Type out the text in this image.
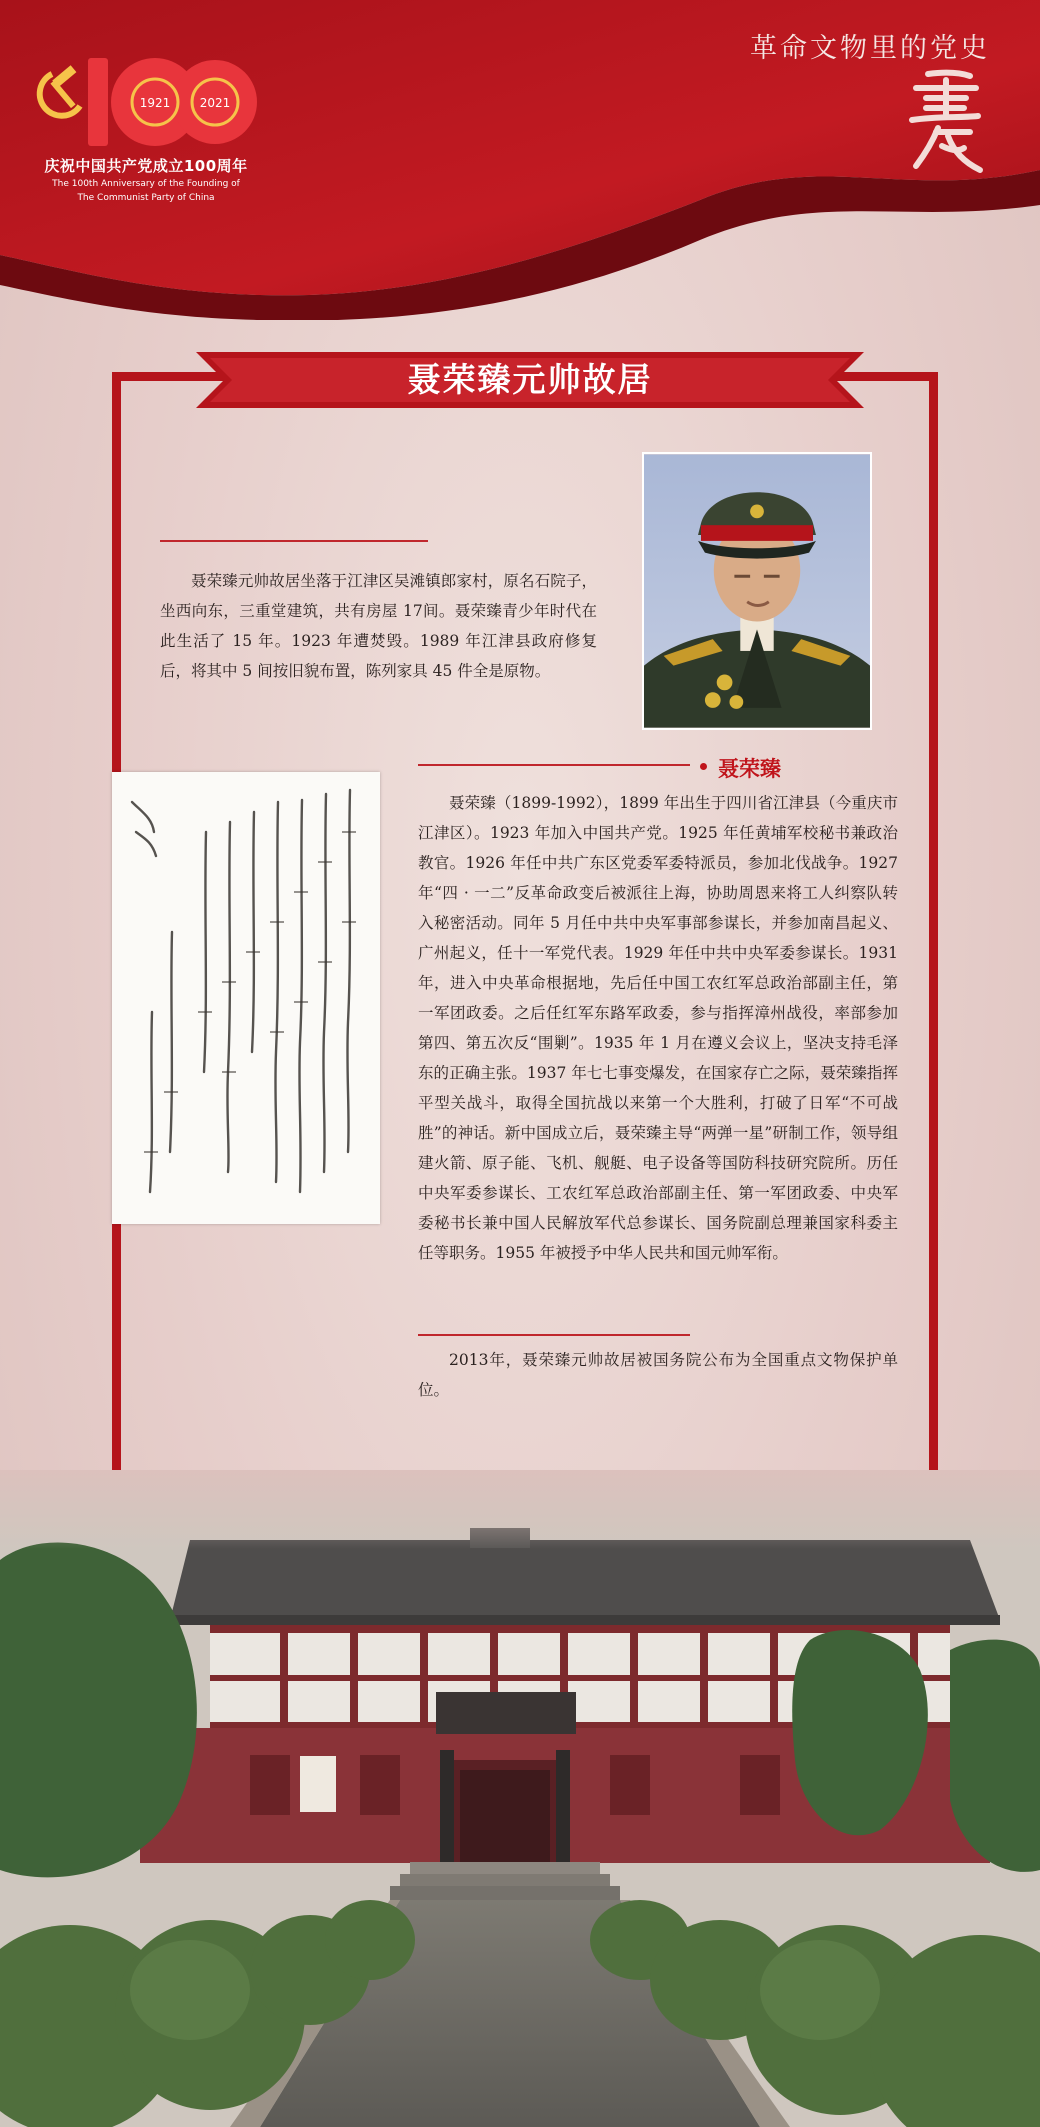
1921 2021
庆祝中国共产党成立100周年
The 100th Anniversary of the Founding of
The Communist Party of China
革命文物里的党史
聂荣臻元帅故居

聂荣臻元帅故居坐落于江津区吴滩镇郎家村，原名石院子，坐西向东，三重堂建筑，共有房屋 17间。聂荣臻青少年时代在此生活了 15 年。1923 年遭焚毁。1989 年江津县政府修复后，将其中 5 间按旧貌布置，陈列家具 45 件全是原物。

聂荣臻

聂荣臻（1899-1992），1899 年出生于四川省江津县（今重庆市江津区）。1923 年加入中国共产党。1925 年任黄埔军校秘书兼政治教官。1926 年任中共广东区党委军委特派员，参加北伐战争。1927 年“四 · 一二”反革命政变后被派往上海，协助周恩来将工人纠察队转入秘密活动。同年 5 月任中共中央军事部参谋长，并参加南昌起义、广州起义，任十一军党代表。1929 年任中共中央军委参谋长。1931 年，进入中央革命根据地，先后任中国工农红军总政治部副主任，第一军团政委。之后任红军东路军政委，参与指挥漳州战役，率部参加第四、第五次反“围剿”。1935 年 1 月在遵义会议上，坚决支持毛泽东的正确主张。1937 年七七事变爆发，在国家存亡之际，聂荣臻指挥平型关战斗，取得全国抗战以来第一个大胜利，打破了日军“不可战胜”的神话。新中国成立后，聂荣臻主导“两弹一星”研制工作，领导组建火箭、原子能、飞机、舰艇、电子设备等国防科技研究院所。历任中央军委参谋长、工农红军总政治部副主任、第一军团政委、中央军委秘书长兼中国人民解放军代总参谋长、国务院副总理兼国家科委主任等职务。1955 年被授予中华人民共和国元帅军衔。

2013年，聂荣臻元帅故居被国务院公布为全国重点文物保护单位。
